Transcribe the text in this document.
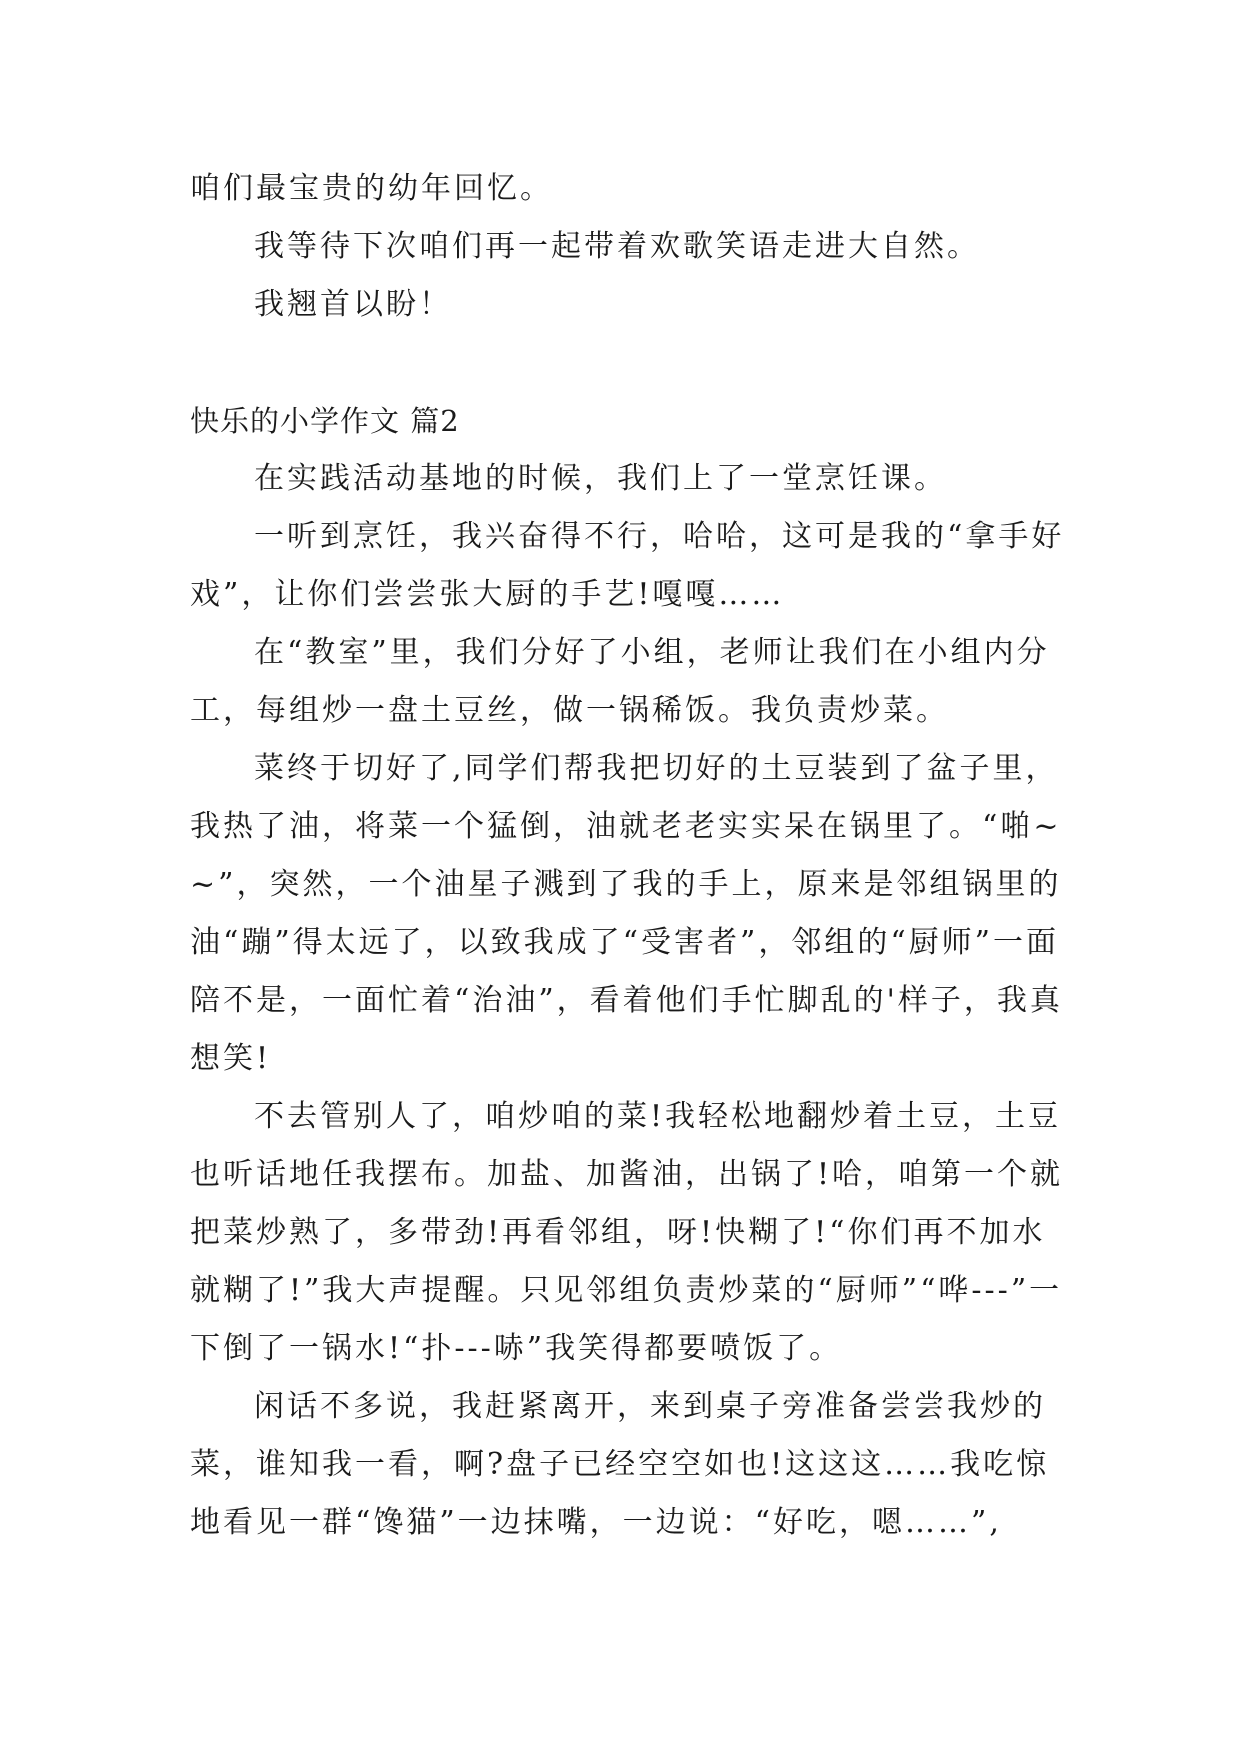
咱们最宝贵的幼年回忆。

我等待下次咱们再一起带着欢歌笑语走进大自然。

我翘首以盼！

快乐的小学作文 篇2

在实践活动基地的时候，我们上了一堂烹饪课。

一听到烹饪，我兴奋得不行，哈哈，这可是我的“拿手好戏”，让你们尝尝张大厨的手艺!嘎嘎……

在“教室”里，我们分好了小组，老师让我们在小组内分工，每组炒一盘土豆丝，做一锅稀饭。我负责炒菜。

菜终于切好了,同学们帮我把切好的土豆装到了盆子里，我热了油，将菜一个猛倒，油就老老实实呆在锅里了。“啪~~”，突然，一个油星子溅到了我的手上，原来是邻组锅里的油“蹦”得太远了，以致我成了“受害者”，邻组的“厨师”一面陪不是，一面忙着“治油”，看着他们手忙脚乱的'样子，我真想笑!

不去管别人了，咱炒咱的菜!我轻松地翻炒着土豆，土豆也听话地任我摆布。加盐、加酱油，出锅了!哈，咱第一个就把菜炒熟了，多带劲!再看邻组，呀!快糊了!“你们再不加水就糊了!”我大声提醒。只见邻组负责炒菜的“厨师”“哗---”一下倒了一锅水!“扑---哧”我笑得都要喷饭了。

闲话不多说，我赶紧离开，来到桌子旁准备尝尝我炒的菜，谁知我一看，啊?盘子已经空空如也!这这这……我吃惊地看见一群“馋猫”一边抹嘴，一边说：“好吃，嗯……”,
